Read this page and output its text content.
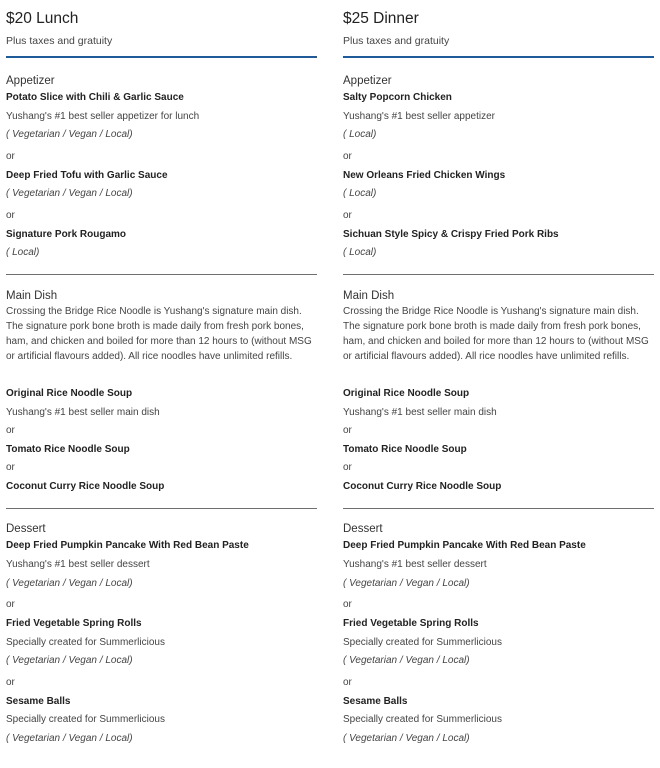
$20 Lunch
Plus taxes and gratuity
Appetizer
Potato Slice with Chili & Garlic Sauce
Yushang's #1 best seller appetizer for lunch
( Vegetarian / Vegan / Local)
or
Deep Fried Tofu with Garlic Sauce
( Vegetarian / Vegan / Local)
or
Signature Pork Rougamo
( Local)
Main Dish
Crossing the Bridge Rice Noodle is Yushang's signature main dish. The signature pork bone broth is made daily from fresh pork bones, ham, and chicken and boiled for more than 12 hours to (without MSG or artificial flavours added). All rice noodles have unlimited refills.
Original Rice Noodle Soup
Yushang's #1 best seller main dish
or
Tomato Rice Noodle Soup
or
Coconut Curry Rice Noodle Soup
Dessert
Deep Fried Pumpkin Pancake With Red Bean Paste
Yushang's #1 best seller dessert
( Vegetarian / Vegan / Local)
or
Fried Vegetable Spring Rolls
Specially created for Summerlicious
( Vegetarian / Vegan / Local)
or
Sesame Balls
Specially created for Summerlicious
( Vegetarian / Vegan / Local)
$25 Dinner
Plus taxes and gratuity
Appetizer
Salty Popcorn Chicken
Yushang's #1 best seller appetizer
( Local)
or
New Orleans Fried Chicken Wings
( Local)
or
Sichuan Style Spicy & Crispy Fried Pork Ribs
( Local)
Main Dish
Crossing the Bridge Rice Noodle is Yushang's signature main dish. The signature pork bone broth is made daily from fresh pork bones, ham, and chicken and boiled for more than 12 hours to (without MSG or artificial flavours added). All rice noodles have unlimited refills.
Original Rice Noodle Soup
Yushang's #1 best seller main dish
or
Tomato Rice Noodle Soup
or
Coconut Curry Rice Noodle Soup
Dessert
Deep Fried Pumpkin Pancake With Red Bean Paste
Yushang's #1 best seller dessert
( Vegetarian / Vegan / Local)
or
Fried Vegetable Spring Rolls
Specially created for Summerlicious
( Vegetarian / Vegan / Local)
or
Sesame Balls
Specially created for Summerlicious
( Vegetarian / Vegan / Local)
